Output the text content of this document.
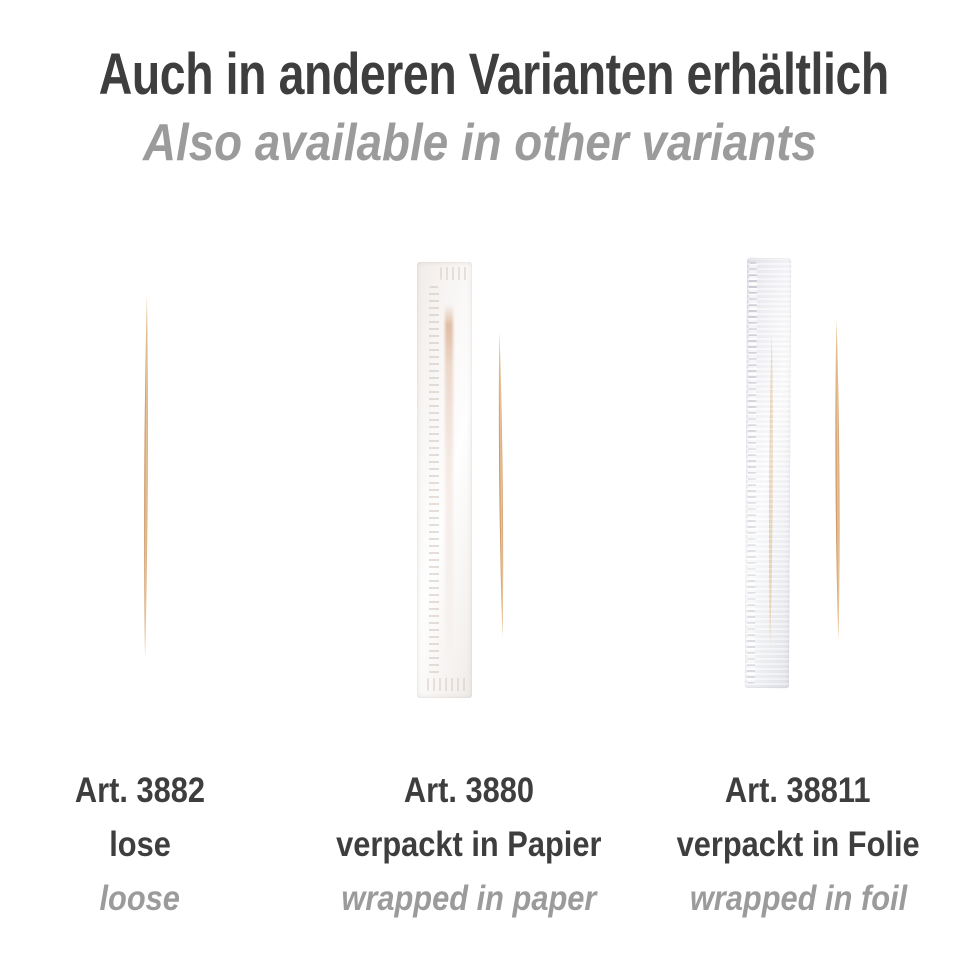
Auch in anderen Varianten erhältlich
Also available in other variants
Art. 3882
lose
loose
Art. 3880
verpackt in Papier
wrapped in paper
Art. 38811
verpackt in Folie
wrapped in foil
